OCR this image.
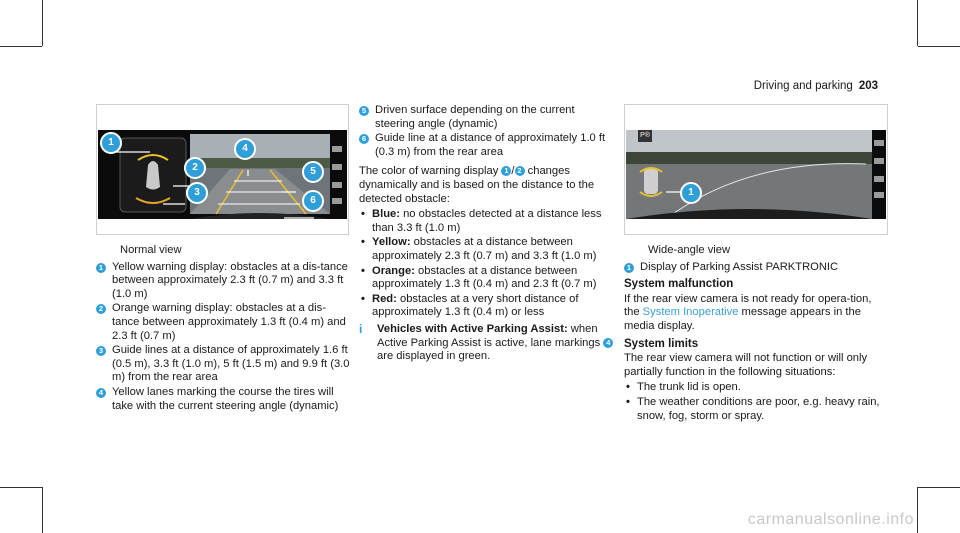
Driving and parking 203
1
2
3
4
5
6
P®
1
Normal view
1 Yellow warning display: obstacles at a dis-tance between approximately 2.3 ft (0.7 m) and 3.3 ft (1.0 m)
2 Orange warning display: obstacles at a dis-tance between approximately 1.3 ft (0.4 m) and 2.3 ft (0.7 m)
3 Guide lines at a distance of approximately 1.6 ft (0.5 m), 3.3 ft (1.0 m), 5 ft (1.5 m) and 9.9 ft (3.0 m) from the rear area
4 Yellow lanes marking the course the tires will take with the current steering angle (dynamic)
5 Driven surface depending on the current steering angle (dynamic)
6 Guide line at a distance of approximately 1.0 ft (0.3 m) from the rear area

The color of warning display 1 / 2 changes dynamically and is based on the distance to the detected obstacle:

• Blue: no obstacles detected at a distance less than 3.3 ft (1.0 m)
• Yellow: obstacles at a distance between approximately 2.3 ft (0.7 m) and 3.3 ft (1.0 m)
• Orange: obstacles at a distance between approximately 1.3 ft (0.4 m) and 2.3 ft (0.7 m)
• Red: obstacles at a very short distance of approximately 1.3 ft (0.4 m) or less
i Vehicles with Active Parking Assist: when Active Parking Assist is active, lane markings 4 are displayed in green.
Wide-angle view
1 Display of Parking Assist PARKTRONIC
System malfunction

If the rear view camera is not ready for opera-tion, the System Inoperative message appears in the media display.

System limits

The rear view camera will not function or will only partially function in the following situations:

• The trunk lid is open.
• The weather conditions are poor, e.g. heavy rain, snow, fog, storm or spray.
carmanualsonline.info
